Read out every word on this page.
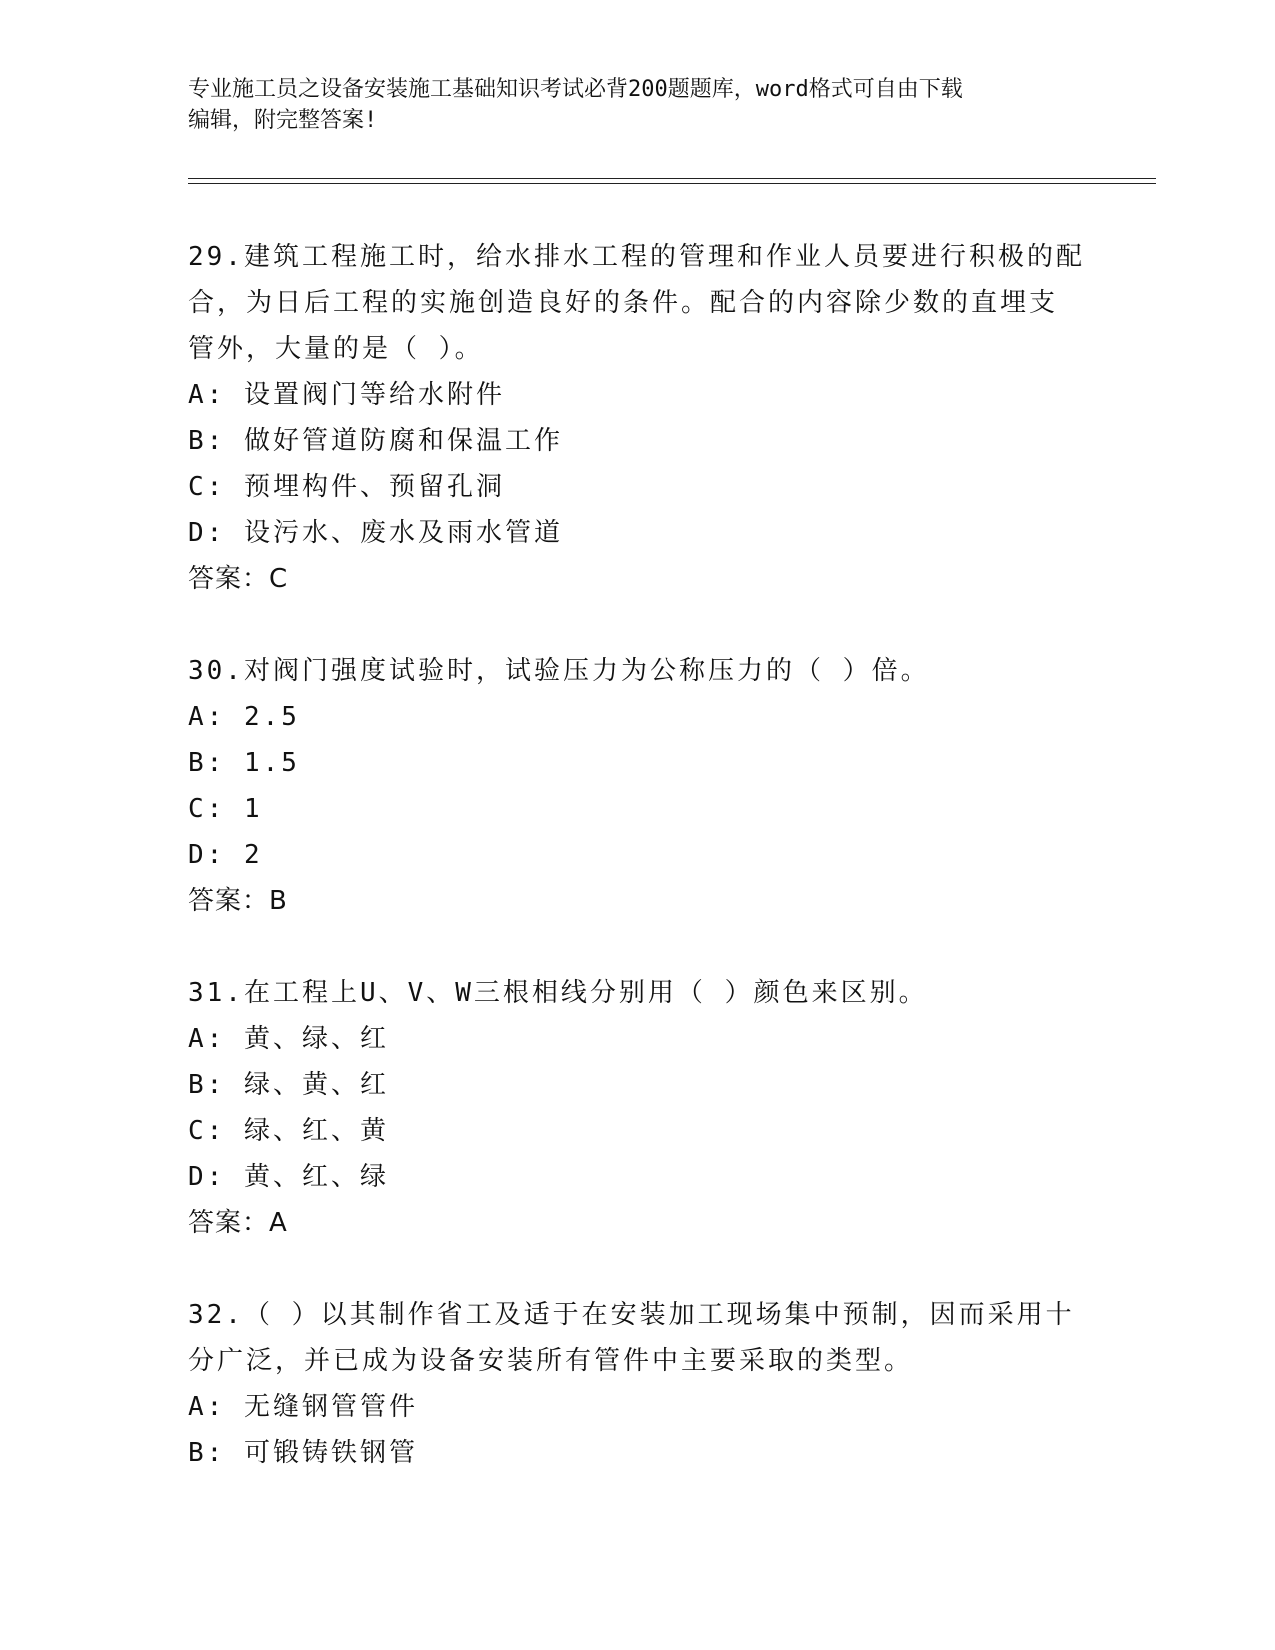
专业施工员之设备安装施工基础知识考试必背200题题库，word格式可自由下载
编辑，附完整答案!
29.建筑工程施工时，给水排水工程的管理和作业人员要进行积极的配
合，为日后工程的实施创造良好的条件。配合的内容除少数的直埋支
管外，大量的是（ ）。
A: 设置阀门等给水附件
B: 做好管道防腐和保温工作
C: 预埋构件、预留孔洞
D: 设污水、废水及雨水管道
答案：C
30.对阀门强度试验时，试验压力为公称压力的（ ）倍。
A: 2.5
B: 1.5
C: 1
D: 2
答案：B
31.在工程上U、V、W三根相线分别用（ ）颜色来区别。
A: 黄、绿、红
B: 绿、黄、红
C: 绿、红、黄
D: 黄、红、绿
答案：A
32.（ ）以其制作省工及适于在安装加工现场集中预制，因而采用十
分广泛，并已成为设备安装所有管件中主要采取的类型。
A: 无缝钢管管件
B: 可锻铸铁钢管
